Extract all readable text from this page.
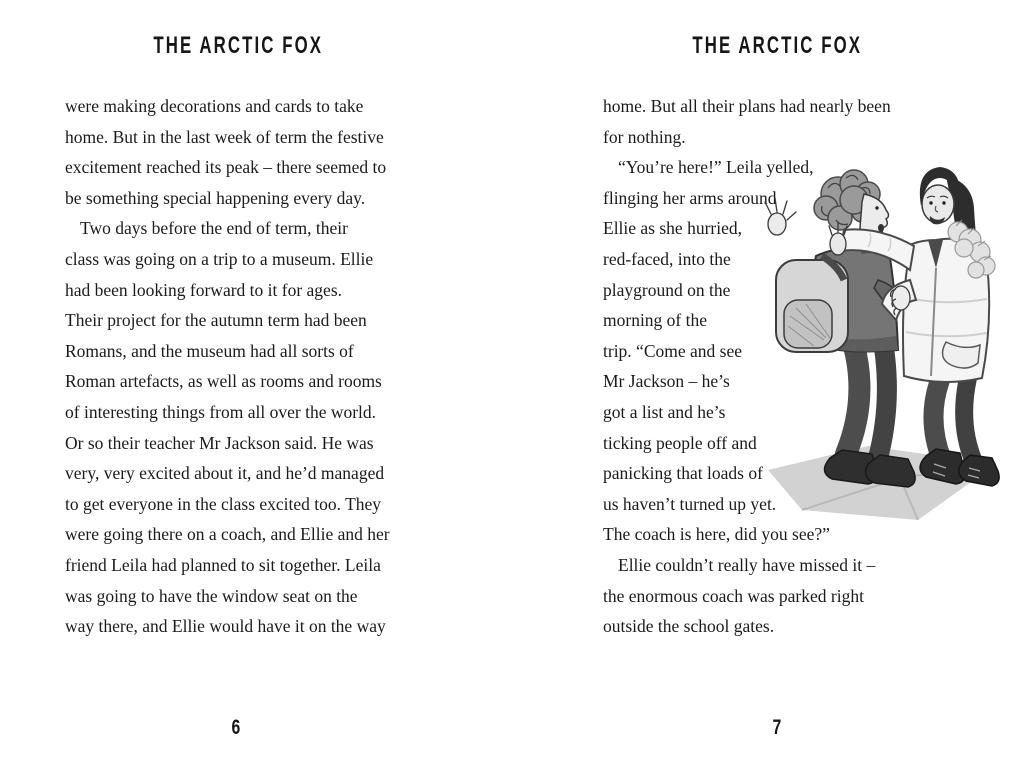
THE ARCTIC FOX
were making decorations and cards to take
home. But in the last week of term the festive
excitement reached its peak – there seemed to
be something special happening every day.
Two days before the end of term, their
class was going on a trip to a museum. Ellie
had been looking forward to it for ages.
Their project for the autumn term had been
Romans, and the museum had all sorts of
Roman artefacts, as well as rooms and rooms
of interesting things from all over the world.
Or so their teacher Mr Jackson said. He was
very, very excited about it, and he’d managed
to get everyone in the class excited too. They
were going there on a coach, and Ellie and her
friend Leila had planned to sit together. Leila
was going to have the window seat on the
way there, and Ellie would have it on the way
6
THE ARCTIC FOX
home. But all their plans had nearly been
for nothing.
“You’re here!” Leila yelled,
flinging her arms around
Ellie as she hurried,
red-faced, into the
playground on the
morning of the
trip. “Come and see
Mr Jackson – he’s
got a list and he’s
ticking people off and
panicking that loads of
us haven’t turned up yet.
The coach is here, did you see?”
Ellie couldn’t really have missed it –
the enormous coach was parked right
outside the school gates.
7
